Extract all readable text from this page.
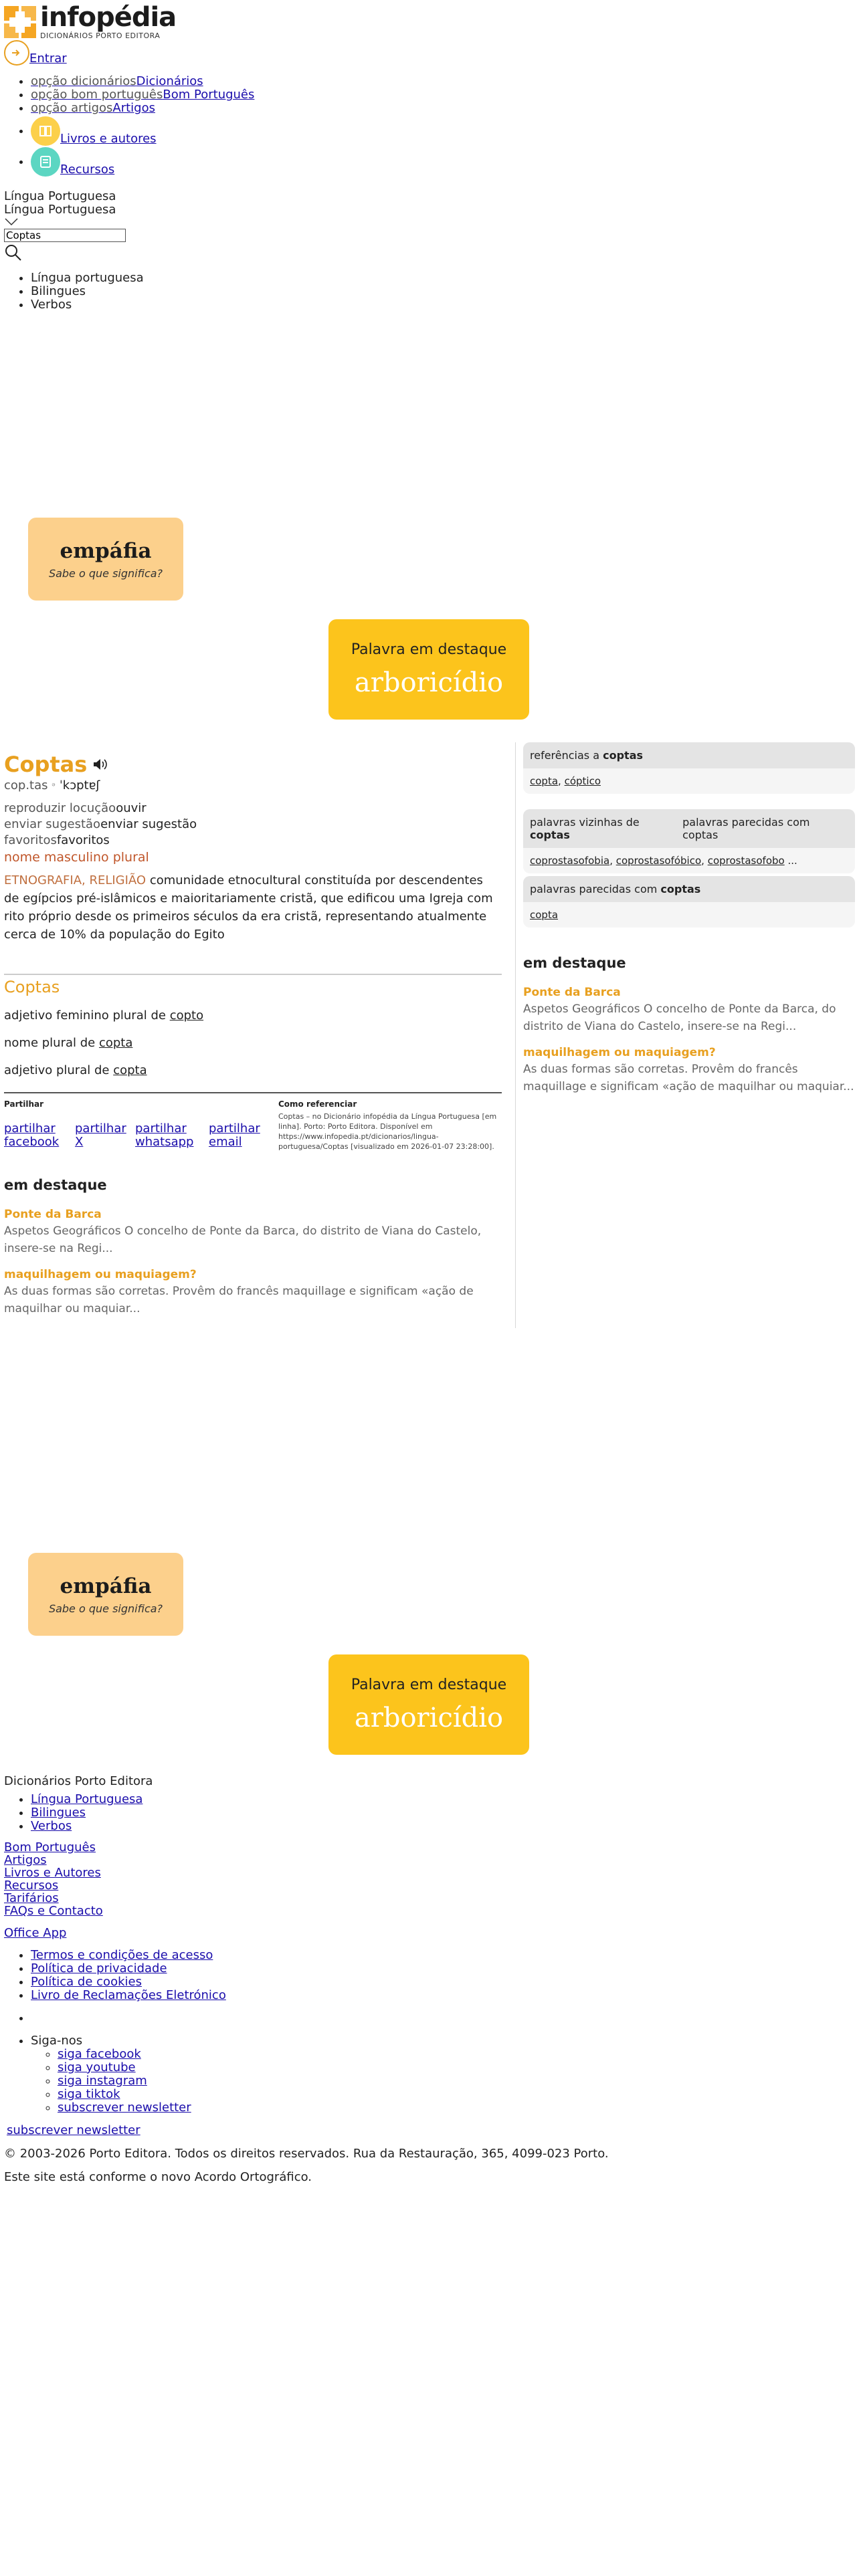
infopédia
DICIONÁRIOS PORTO EDITORA
Entrar
• opção dicionáriosDicionários
• opção bom portuguêsBom Português
• opção artigosArtigos
• Livros e autores
• Recursos
Língua Portuguesa
Língua Portuguesa
Coptas
• Língua portuguesa
• Bilingues
• Verbos
empáfia
Sabe o que significa?
Palavra em destaque
arboricídio
Coptas
cop.tas ᵊ ˈkɔptɐʃ
reproduzir locuçãoouvir
enviar sugestãoenviar sugestão
favoritosfavoritos
nome masculino plural
ETNOGRAFIA, RELIGIÃO comunidade etnocultural constituída por descendentes de egípcios pré-islâmicos e maioritariamente cristã, que edificou uma Igreja com rito próprio desde os primeiros séculos da era cristã, representando atualmente cerca de 10% da população do Egito
Coptas
adjetivo feminino plural de copto
nome plural de copta
adjetivo plural de copta
Partilhar
partilhar facebook
partilhar X
partilhar whatsapp
partilhar email
Como referenciar
Coptas – no Dicionário infopédia da Língua Portuguesa [em linha]. Porto: Porto Editora. Disponível em https://www.infopedia.pt/dicionarios/lingua-portuguesa/Coptas [visualizado em 2026-01-07 23:28:00].
em destaque
Ponte da Barca
Aspetos Geográficos O concelho de Ponte da Barca, do distrito de Viana do Castelo, insere-se na Regi...
maquilhagem ou maquiagem?
As duas formas são corretas. Provêm do francês maquillage e significam «ação de maquilhar ou maquiar...
referências a coptas
copta, cóptico
palavras vizinhas de coptas
palavras parecidas com coptas
coprostasofobia, coprostasofóbico, coprostasofobo ...
palavras parecidas com coptas
copta
em destaque
Ponte da Barca
Aspetos Geográficos O concelho de Ponte da Barca, do distrito de Viana do Castelo, insere-se na Regi...
maquilhagem ou maquiagem?
As duas formas são corretas. Provêm do francês maquillage e significam «ação de maquilhar ou maquiar...
empáfia
Sabe o que significa?
Palavra em destaque
arboricídio
Dicionários Porto Editora
• Língua Portuguesa
• Bilingues
• Verbos
Bom Português
Artigos
Livros e Autores
Recursos
Tarifários
FAQs e Contacto
Office App
• Termos e condições de acesso
• Política de privacidade
• Política de cookies
• Livro de Reclamações Eletrónico
•
• Siga-nos
◦ siga facebook
◦ siga youtube
◦ siga instagram
◦ siga tiktok
◦ subscrever newsletter
subscrever newsletter
© 2003-2026 Porto Editora. Todos os direitos reservados. Rua da Restauração, 365, 4099-023 Porto.
Este site está conforme o novo Acordo Ortográfico.
